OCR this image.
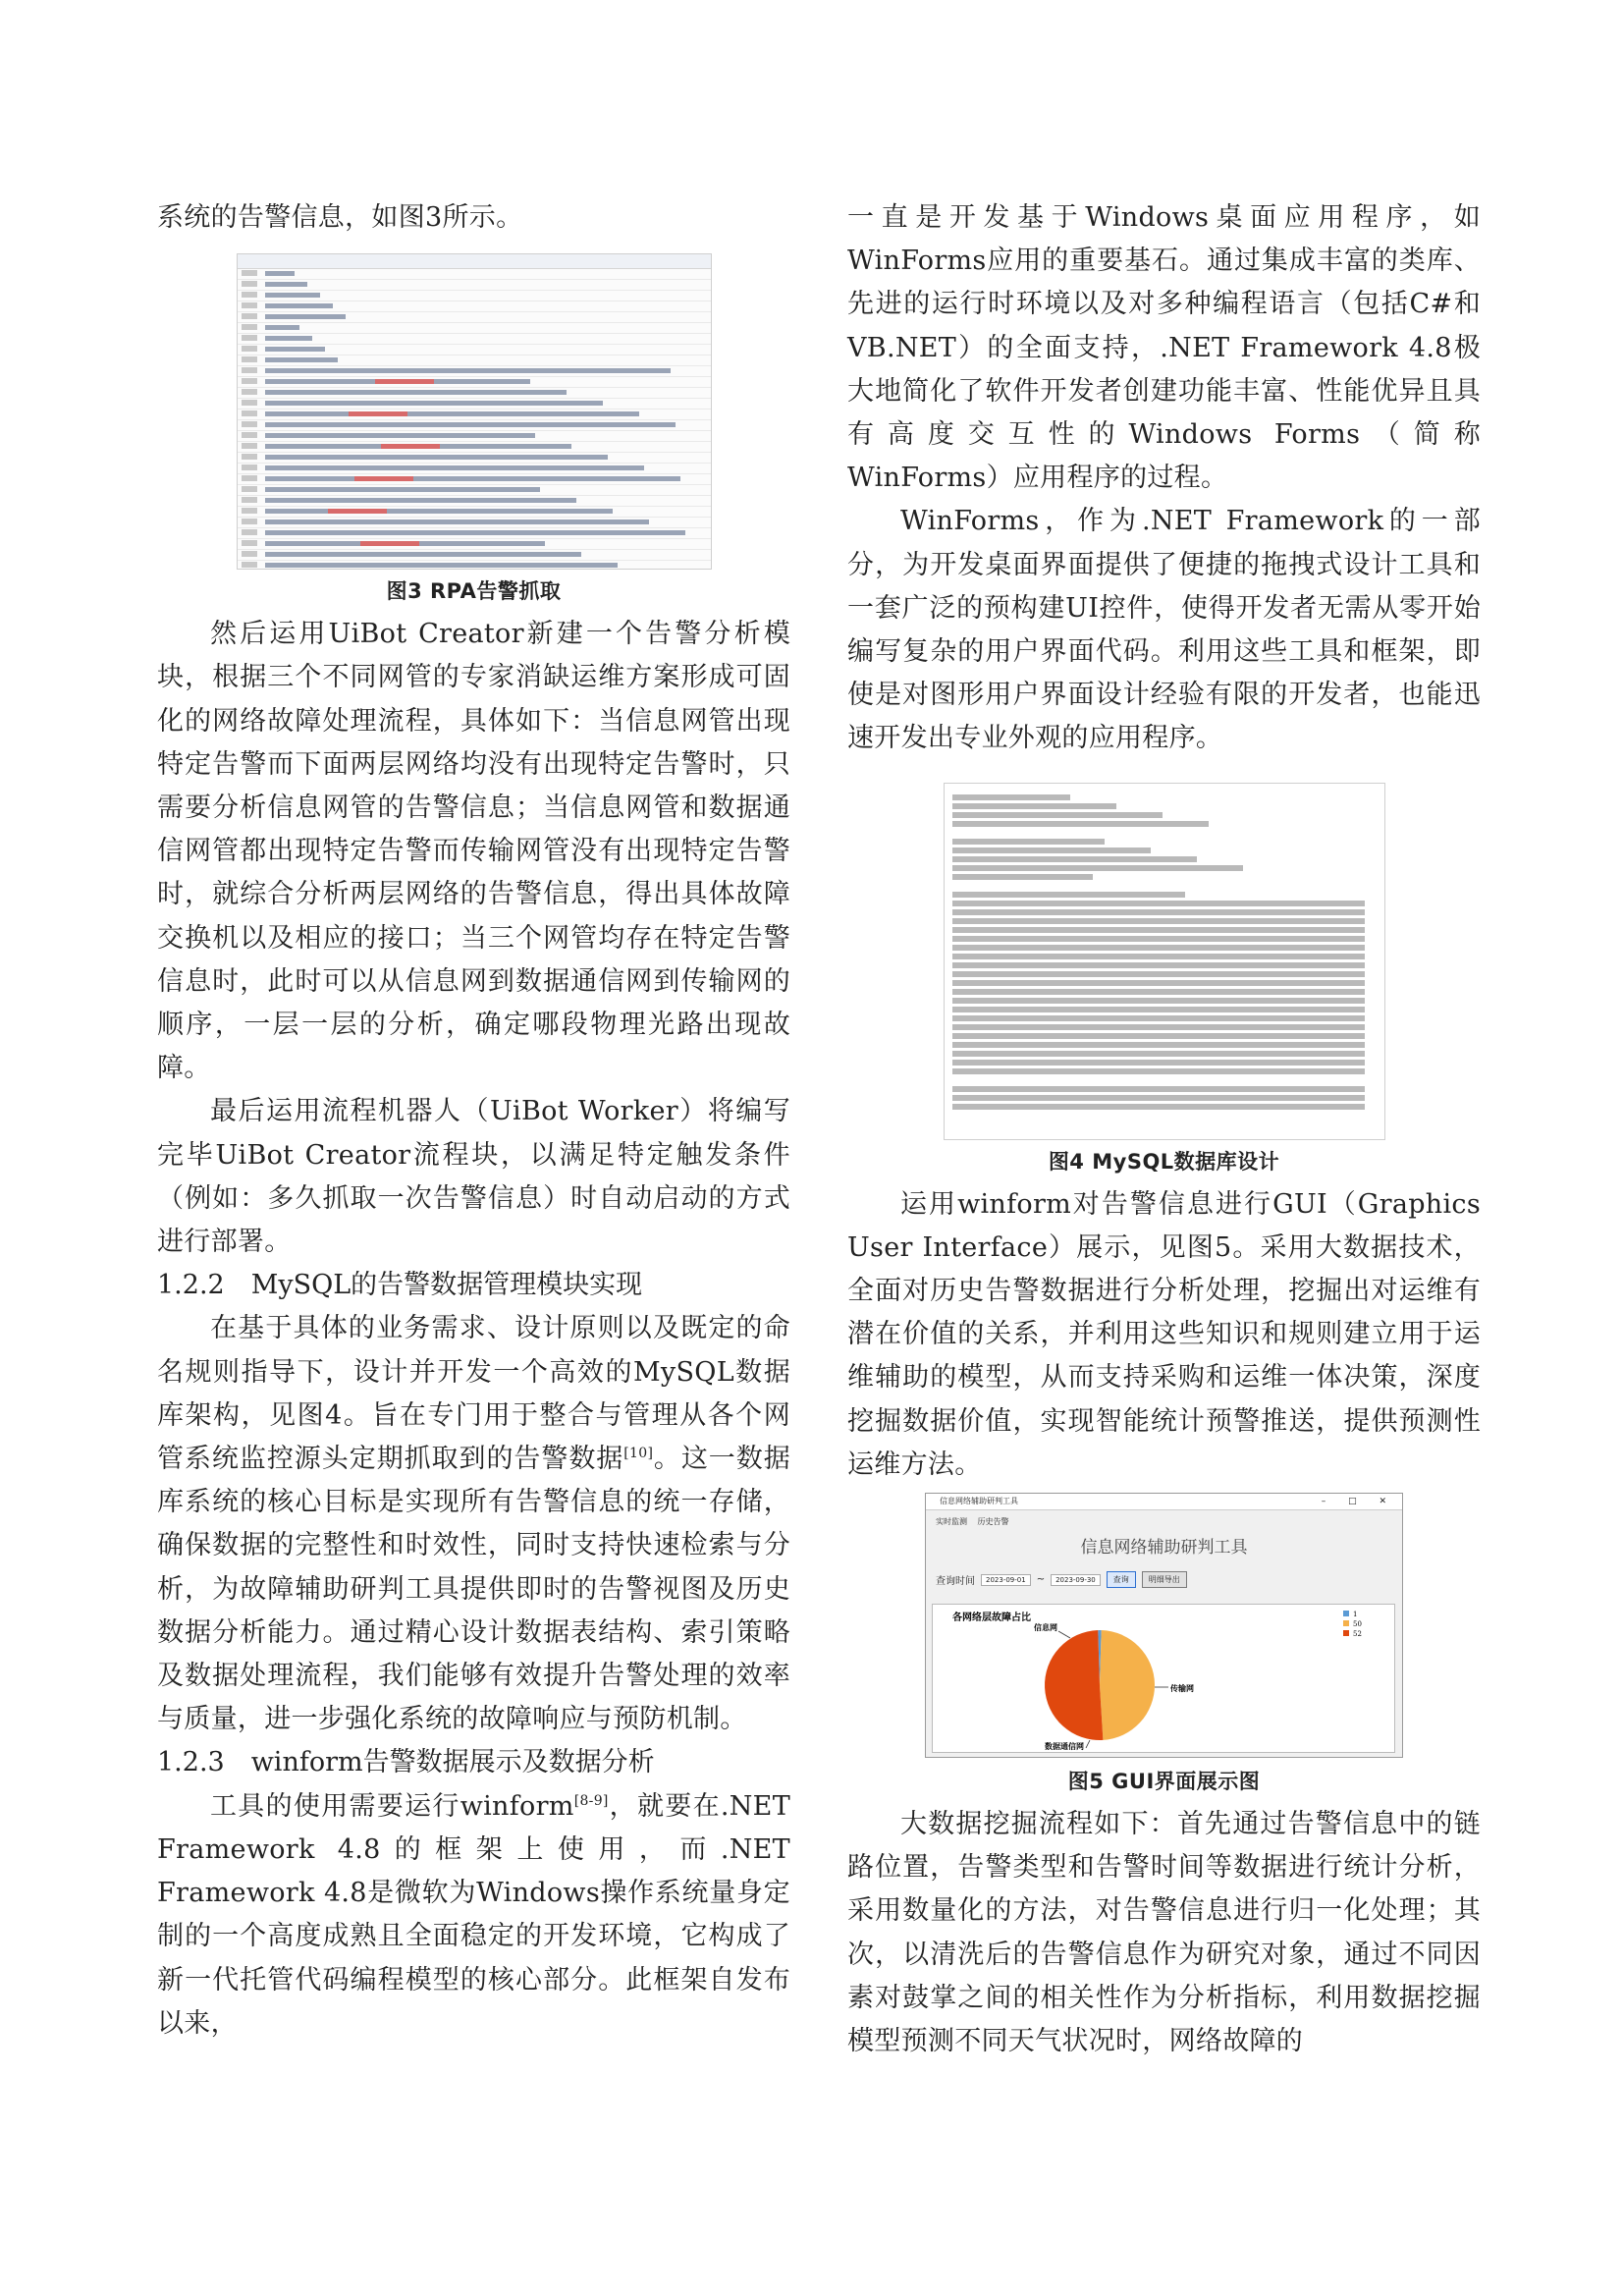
系统的告警信息，如图3所示。

图3 RPA告警抓取

然后运用UiBot Creator新建一个告警分析模块，根据三个不同网管的专家消缺运维方案形成可固化的网络故障处理流程，具体如下：当信息网管出现特定告警而下面两层网络均没有出现特定告警时，只需要分析信息网管的告警信息；当信息网管和数据通信网管都出现特定告警而传输网管没有出现特定告警时，就综合分析两层网络的告警信息，得出具体故障交换机以及相应的接口；当三个网管均存在特定告警信息时，此时可以从信息网到数据通信网到传输网的顺序，一层一层的分析，确定哪段物理光路出现故障。

最后运用流程机器人（UiBot Worker）将编写完毕UiBot Creator流程块，以满足特定触发条件（例如：多久抓取一次告警信息）时自动启动的方式进行部署。

1.2.2　MySQL的告警数据管理模块实现

在基于具体的业务需求、设计原则以及既定的命名规则指导下，设计并开发一个高效的MySQL数据库架构，见图4。旨在专门用于整合与管理从各个网管系统监控源头定期抓取到的告警数据[10]。这一数据库系统的核心目标是实现所有告警信息的统一存储，确保数据的完整性和时效性，同时支持快速检索与分析，为故障辅助研判工具提供即时的告警视图及历史数据分析能力。通过精心设计数据表结构、索引策略及数据处理流程，我们能够有效提升告警处理的效率与质量，进一步强化系统的故障响应与预防机制。

1.2.3　winform告警数据展示及数据分析

工具的使用需要运行winform[8-9]，就要在.NET Framework 4.8的框架上使用，而.NET Framework 4.8是微软为Windows操作系统量身定制的一个高度成熟且全面稳定的开发环境，它构成了新一代托管代码编程模型的核心部分。此框架自发布以来，

一直是开发基于Windows桌面应用程序，如WinForms应用的重要基石。通过集成丰富的类库、先进的运行时环境以及对多种编程语言（包括C#和VB.NET）的全面支持，.NET Framework 4.8极大地简化了软件开发者创建功能丰富、性能优异且具有高度交互性的Windows Forms（简称WinForms）应用程序的过程。

WinForms，作为.NET Framework的一部分，为开发桌面界面提供了便捷的拖拽式设计工具和一套广泛的预构建UI控件，使得开发者无需从零开始编写复杂的用户界面代码。利用这些工具和框架，即使是对图形用户界面设计经验有限的开发者，也能迅速开发出专业外观的应用程序。

图4 MySQL数据库设计

运用winform对告警信息进行GUI（Graphics User Interface）展示，见图5。采用大数据技术，全面对历史告警数据进行分析处理，挖掘出对运维有潜在价值的关系，并利用这些知识和规则建立用于运维辅助的模型，从而支持采购和运维一体决策，深度挖掘数据价值，实现智能统计预警推送，提供预测性运维方法。

信息网络辅助研判工具	– □ ✕
实时监测 历史告警
信息网络辅助研判工具
查询时间	2023-09-01	~	2023-09-30	查询	明细导出
各网络层故障占比
信息网
传输网
数据通信网
1
50
52
图5 GUI界面展示图

大数据挖掘流程如下：首先通过告警信息中的链路位置，告警类型和告警时间等数据进行统计分析，采用数量化的方法，对告警信息进行归一化处理；其次，以清洗后的告警信息作为研究对象，通过不同因素对鼓掌之间的相关性作为分析指标，利用数据挖掘模型预测不同天气状况时，网络故障的
